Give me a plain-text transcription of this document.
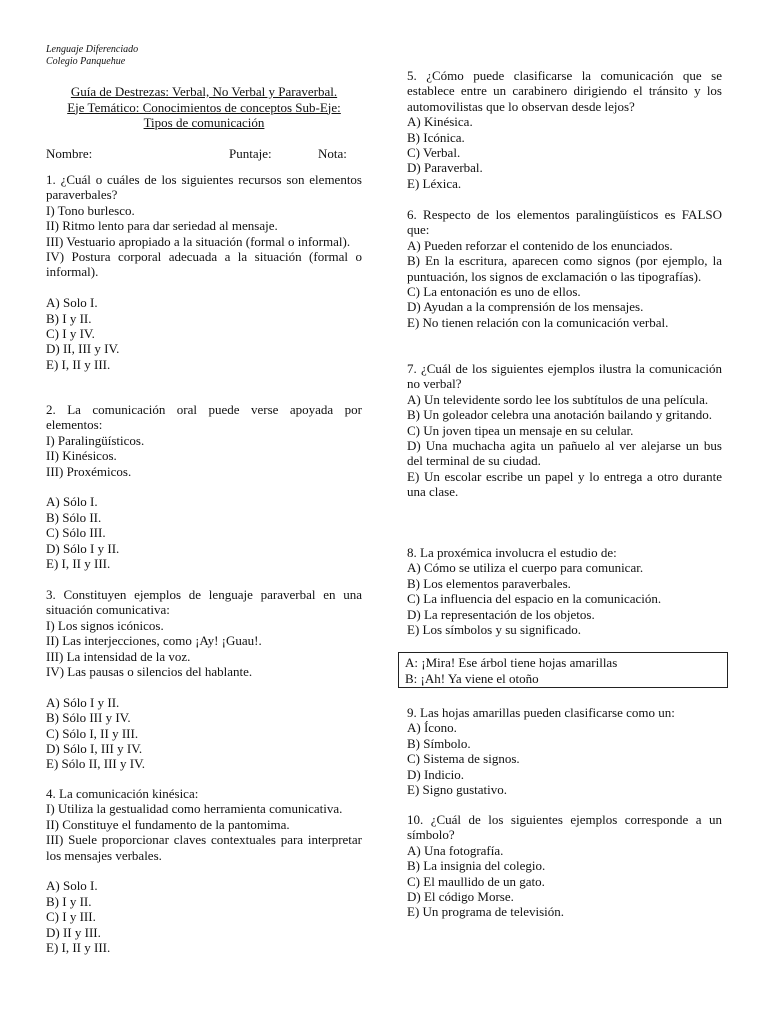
Lenguaje Diferenciado
Colegio Panquehue
Guía de Destrezas: Verbal, No Verbal y Paraverbal.
Eje Temático: Conocimientos de conceptos Sub-Eje:
Tipos de comunicación
Nombre:	Puntaje:	Nota:

1. ¿Cuál o cuáles de los siguientes recursos son elementos paraverbales?

I) Tono burlesco.

II) Ritmo lento para dar seriedad al mensaje.

III) Vestuario apropiado a la situación (formal o informal).

IV) Postura corporal adecuada a la situación (formal o informal).

A) Solo I.

B) I y II.

C) I y IV.

D) II, III y IV.

E) I, II y III.

2. La comunicación oral puede verse apoyada por elementos:

I) Paralingüísticos.

II) Kinésicos.

III) Proxémicos.

A) Sólo I.

B) Sólo II.

C) Sólo III.

D) Sólo I y II.

E) I, II y III.

3. Constituyen ejemplos de lenguaje paraverbal en una situación comunicativa:

I) Los signos icónicos.

II) Las interjecciones, como ¡Ay! ¡Guau!.

III) La intensidad de la voz.

IV) Las pausas o silencios del hablante.

A) Sólo I y II.

B) Sólo III y IV.

C) Sólo I, II y III.

D) Sólo I, III y IV.

E) Sólo II, III y IV.

4. La comunicación kinésica:

I) Utiliza la gestualidad como herramienta comunicativa.

II) Constituye el fundamento de la pantomima.

III) Suele proporcionar claves contextuales para interpretar los mensajes verbales.

A) Solo I.

B) I y II.

C) I y III.

D) II y III.

E) I, II y III.

5. ¿Cómo puede clasificarse la comunicación que se establece entre un carabinero dirigiendo el tránsito y los automovilistas que lo observan desde lejos?

A) Kinésica.

B) Icónica.

C) Verbal.

D) Paraverbal.

E) Léxica.

6. Respecto de los elementos paralingüísticos es FALSO que:

A) Pueden reforzar el contenido de los enunciados.

B) En la escritura, aparecen como signos (por ejemplo, la puntuación, los signos de exclamación o las tipografías).

C) La entonación es uno de ellos.

D) Ayudan a la comprensión de los mensajes.

E) No tienen relación con la comunicación verbal.

7. ¿Cuál de los siguientes ejemplos ilustra la comunicación no verbal?

A) Un televidente sordo lee los subtítulos de una película.

B) Un goleador celebra una anotación bailando y gritando.

C) Un joven tipea un mensaje en su celular.

D) Una muchacha agita un pañuelo al ver alejarse un bus del terminal de su ciudad.

E) Un escolar escribe un papel y lo entrega a otro durante una clase.

8. La proxémica involucra el estudio de:

A) Cómo se utiliza el cuerpo para comunicar.

B) Los elementos paraverbales.

C) La influencia del espacio en la comunicación.

D) La representación de los objetos.

E) Los símbolos y su significado.

A: ¡Mira! Ese árbol tiene hojas amarillas
B: ¡Ah! Ya viene el otoño

9. Las hojas amarillas pueden clasificarse como un:

A) Ícono.

B) Símbolo.

C) Sistema de signos.

D) Indicio.

E) Signo gustativo.

10. ¿Cuál de los siguientes ejemplos corresponde a un símbolo?

A) Una fotografía.

B) La insignia del colegio.

C) El maullido de un gato.

D) El código Morse.

E) Un programa de televisión.
